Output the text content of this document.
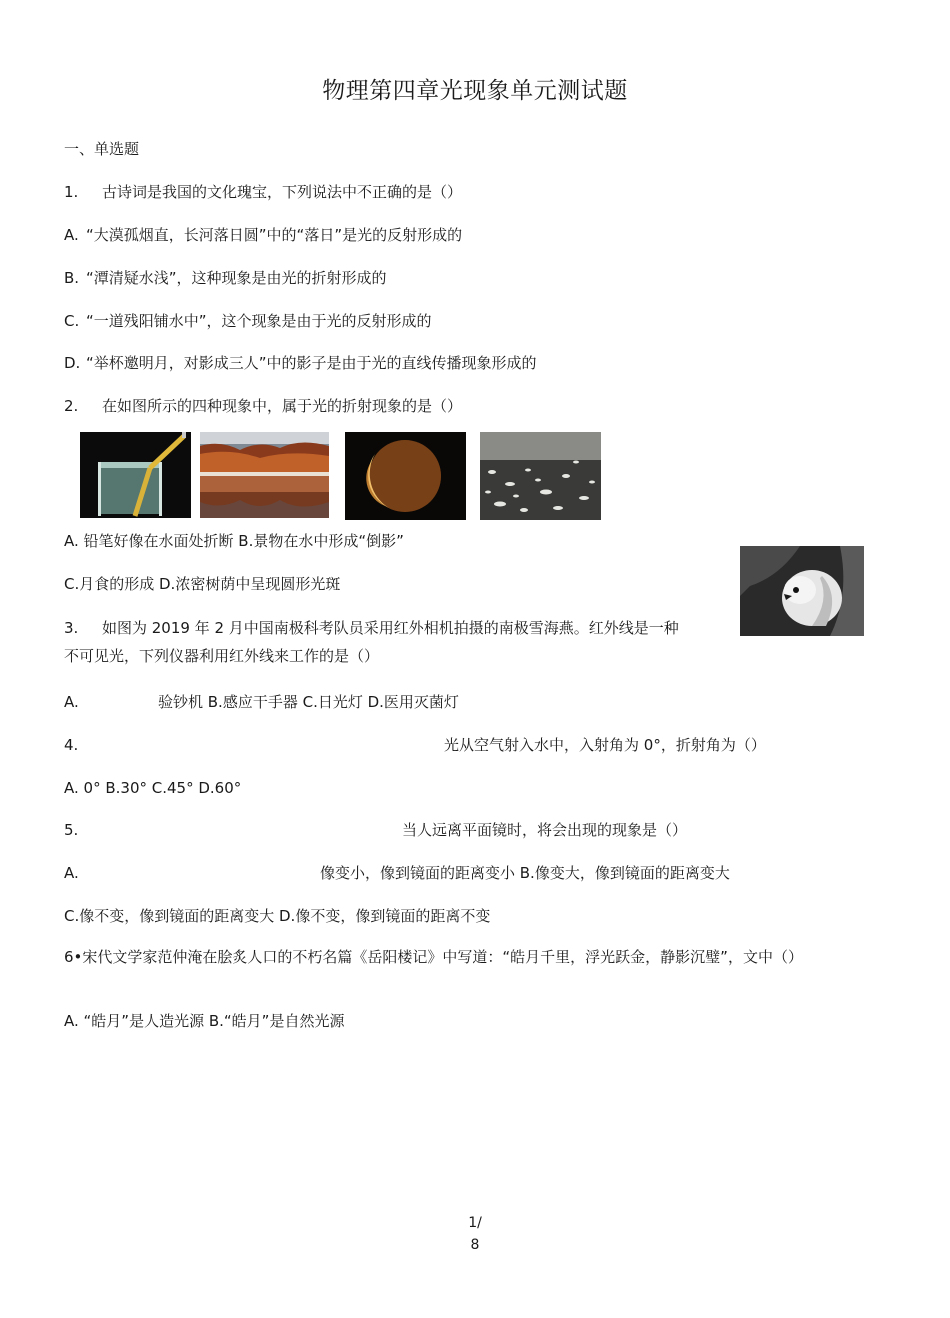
物理第四章光现象单元测试题
一、单选题
1. 古诗词是我国的文化瑰宝，下列说法中不正确的是（）
A. “大漠孤烟直，长河落日圆”中的“落日”是光的反射形成的
B. “潭清疑水浅”，这种现象是由光的折射形成的
C. “一道残阳铺水中”，这个现象是由于光的反射形成的
D. “举杯邀明月，对影成三人”中的影子是由于光的直线传播现象形成的
2. 在如图所示的四种现象中，属于光的折射现象的是（）
A. 铅笔好像在水面处折断 B.景物在水中形成“倒影”
C.月食的形成 D.浓密树荫中呈现圆形光斑
3. 如图为 2019 年 2 月中国南极科考队员采用红外相机拍摄的南极雪海燕。红外线是一种
不可见光，下列仪器利用红外线来工作的是（）
A.	验钞机 B.感应干手器 C.日光灯 D.医用灭菌灯
4.	光从空气射入水中，入射角为 0°，折射角为（）
A. 0° B.30° C.45° D.60°
5.	当人远离平面镜时，将会出现的现象是（）
A.	像变小，像到镜面的距离变小 B.像变大，像到镜面的距离变大
C.像不变，像到镜面的距离变大 D.像不变，像到镜面的距离不变
6•宋代文学家范仲淹在脍炙人口的不朽名篇《岳阳楼记》中写道：“皓月千里，浮光跃金，静影沉璧”，文中（）
A. “皓月”是人造光源 B.“皓月”是自然光源
1/
8
